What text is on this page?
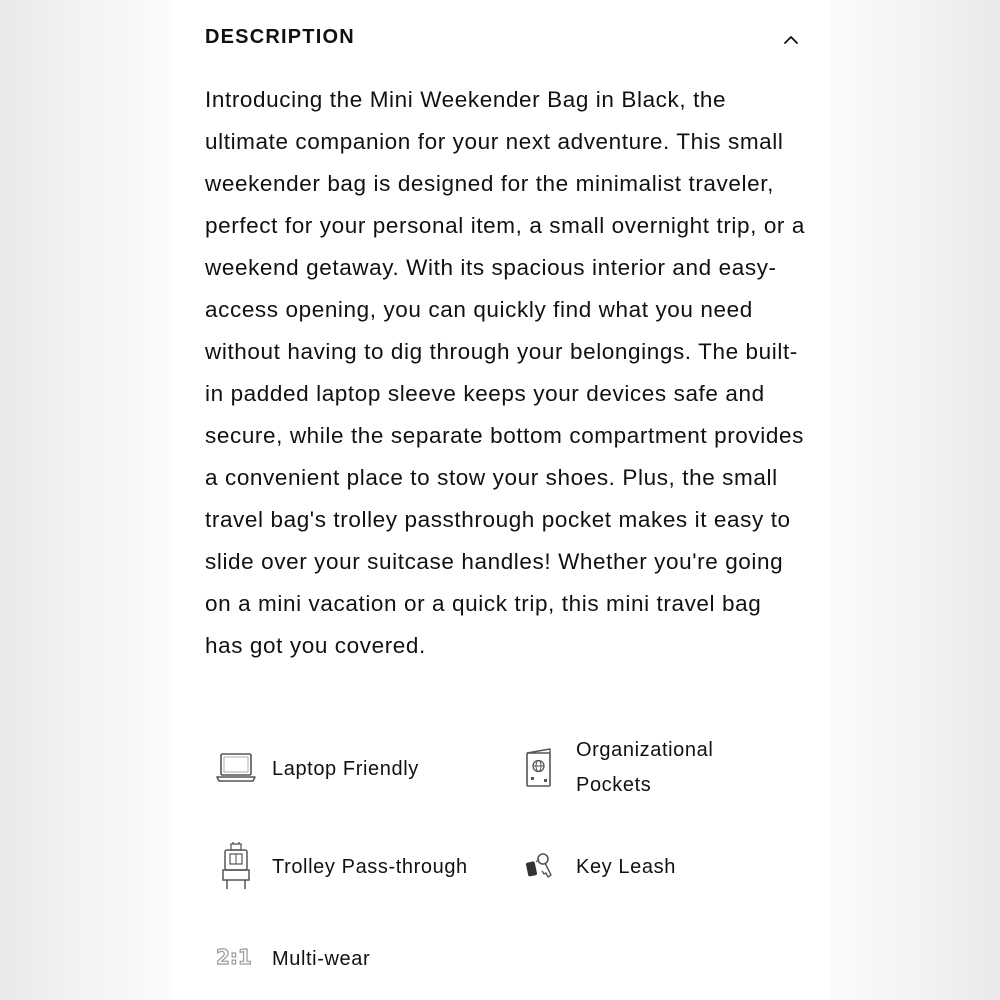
DESCRIPTION

Introducing the Mini Weekender Bag in Black, the ultimate companion for your next adventure. This small weekender bag is designed for the minimalist traveler, perfect for your personal item, a small overnight trip, or a weekend getaway. With its spacious interior and easy-access opening, you can quickly find what you need without having to dig through your belongings. The built-in padded laptop sleeve keeps your devices safe and secure, while the separate bottom compartment provides a convenient place to stow your shoes. Plus, the small travel bag's trolley passthrough pocket makes it easy to slide over your suitcase handles! Whether you're going on a mini vacation or a quick trip, this mini travel bag has got you covered.

Laptop Friendly
Organizational Pockets
Trolley Pass-through	Key Leash
2:1 Multi-wear
